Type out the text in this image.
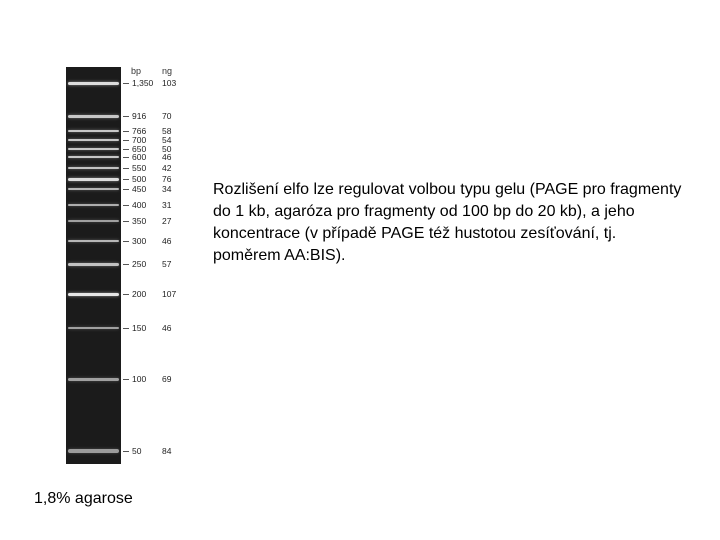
bp ng
1,350 103
916 70
766 58
700 54
650 50
600 46
550 42
500 76
450 34
400 31
350 27
300 46
250 57
200 107
150 46
100 69
50 84
Rozlišení elfo lze regulovat volbou typu gelu (PAGE pro fragmenty do 1 kb, agaróza pro fragmenty od 100 bp do 20 kb), a jeho koncentrace (v případě PAGE též hustotou zesíťování, tj. poměrem AA:BIS).
1,8% agarose
